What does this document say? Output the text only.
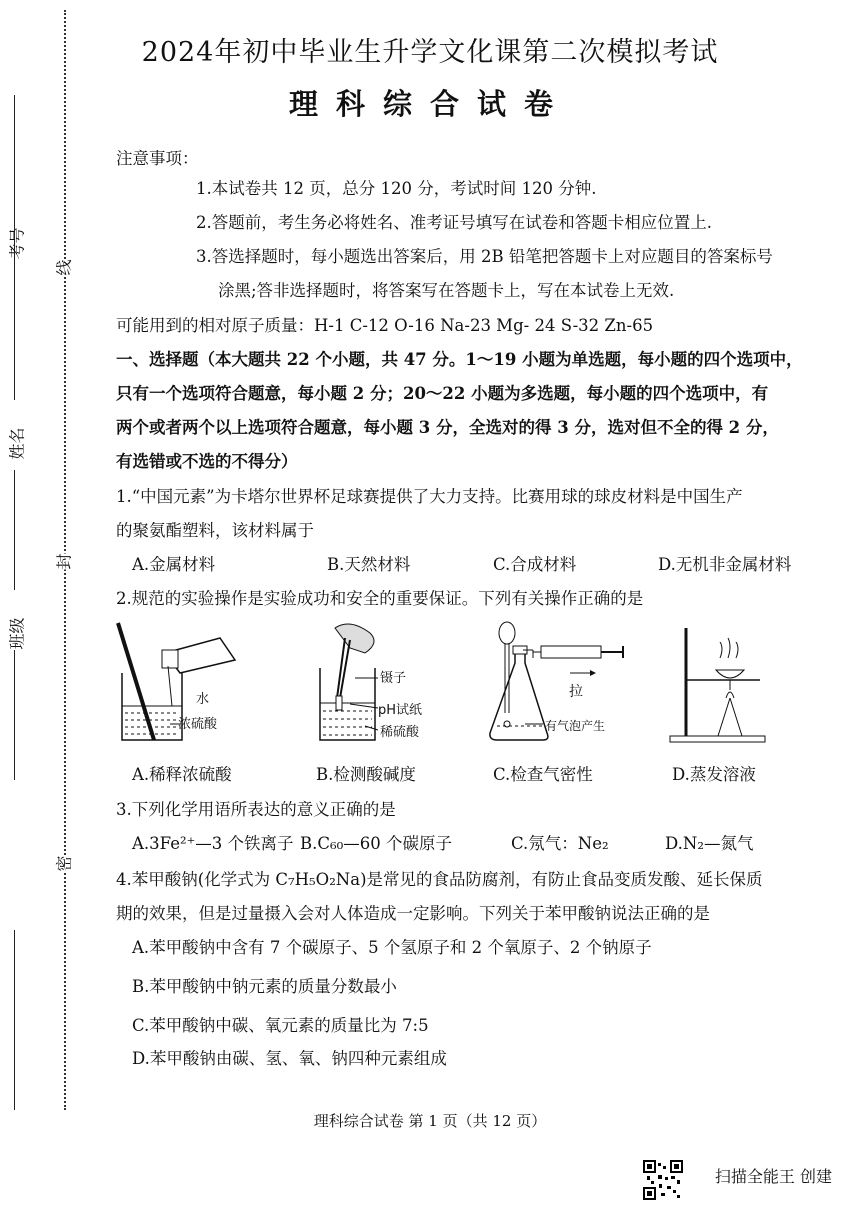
考号
姓名
班级
线
封
密
2024年初中毕业生升学文化课第二次模拟考试
理科综合试卷
注意事项：
1.本试卷共 12 页，总分 120 分，考试时间 120 分钟.
2.答题前，考生务必将姓名、准考证号填写在试卷和答题卡相应位置上.
3.答选择题时，每小题选出答案后，用 2B 铅笔把答题卡上对应题目的答案标号
涂黑;答非选择题时，将答案写在答题卡上，写在本试卷上无效.
可能用到的相对原子质量：H-1 C-12 O-16 Na-23 Mg- 24 S-32 Zn-65
一、选择题（本大题共 22 个小题，共 47 分。1～19 小题为单选题，每小题的四个选项中，
只有一个选项符合题意，每小题 2 分；20～22 小题为多选题，每小题的四个选项中，有
两个或者两个以上选项符合题意，每小题 3 分，全选对的得 3 分，选对但不全的得 2 分，
有选错或不选的不得分）
1.“中国元素”为卡塔尔世界杯足球赛提供了大力支持。比赛用球的球皮材料是中国生产
的聚氨酯塑料，该材料属于
A.金属材料	B.天然材料	C.合成材料	D.无机非金属材料
2.规范的实验操作是实验成功和安全的重要保证。下列有关操作正确的是
水
浓硫酸
镊子
pH试纸
稀硫酸
拉
有气泡产生
A.稀释浓硫酸	B.检测酸碱度	C.检查气密性	D.蒸发溶液
3.下列化学用语所表达的意义正确的是
A.3Fe²⁺—3 个铁离子 B.C₆₀—60 个碳原子	C.氖气：Ne₂	D.N₂—氮气
4.苯甲酸钠(化学式为 C₇H₅O₂Na)是常见的食品防腐剂，有防止食品变质发酸、延长保质
期的效果，但是过量摄入会对人体造成一定影响。下列关于苯甲酸钠说法正确的是
A.苯甲酸钠中含有 7 个碳原子、5 个氢原子和 2 个氧原子、2 个钠原子
B.苯甲酸钠中钠元素的质量分数最小
C.苯甲酸钠中碳、氧元素的质量比为 7:5
D.苯甲酸钠由碳、氢、氧、钠四种元素组成
理科综合试卷 第 1 页（共 12 页）
扫描全能王 创建
